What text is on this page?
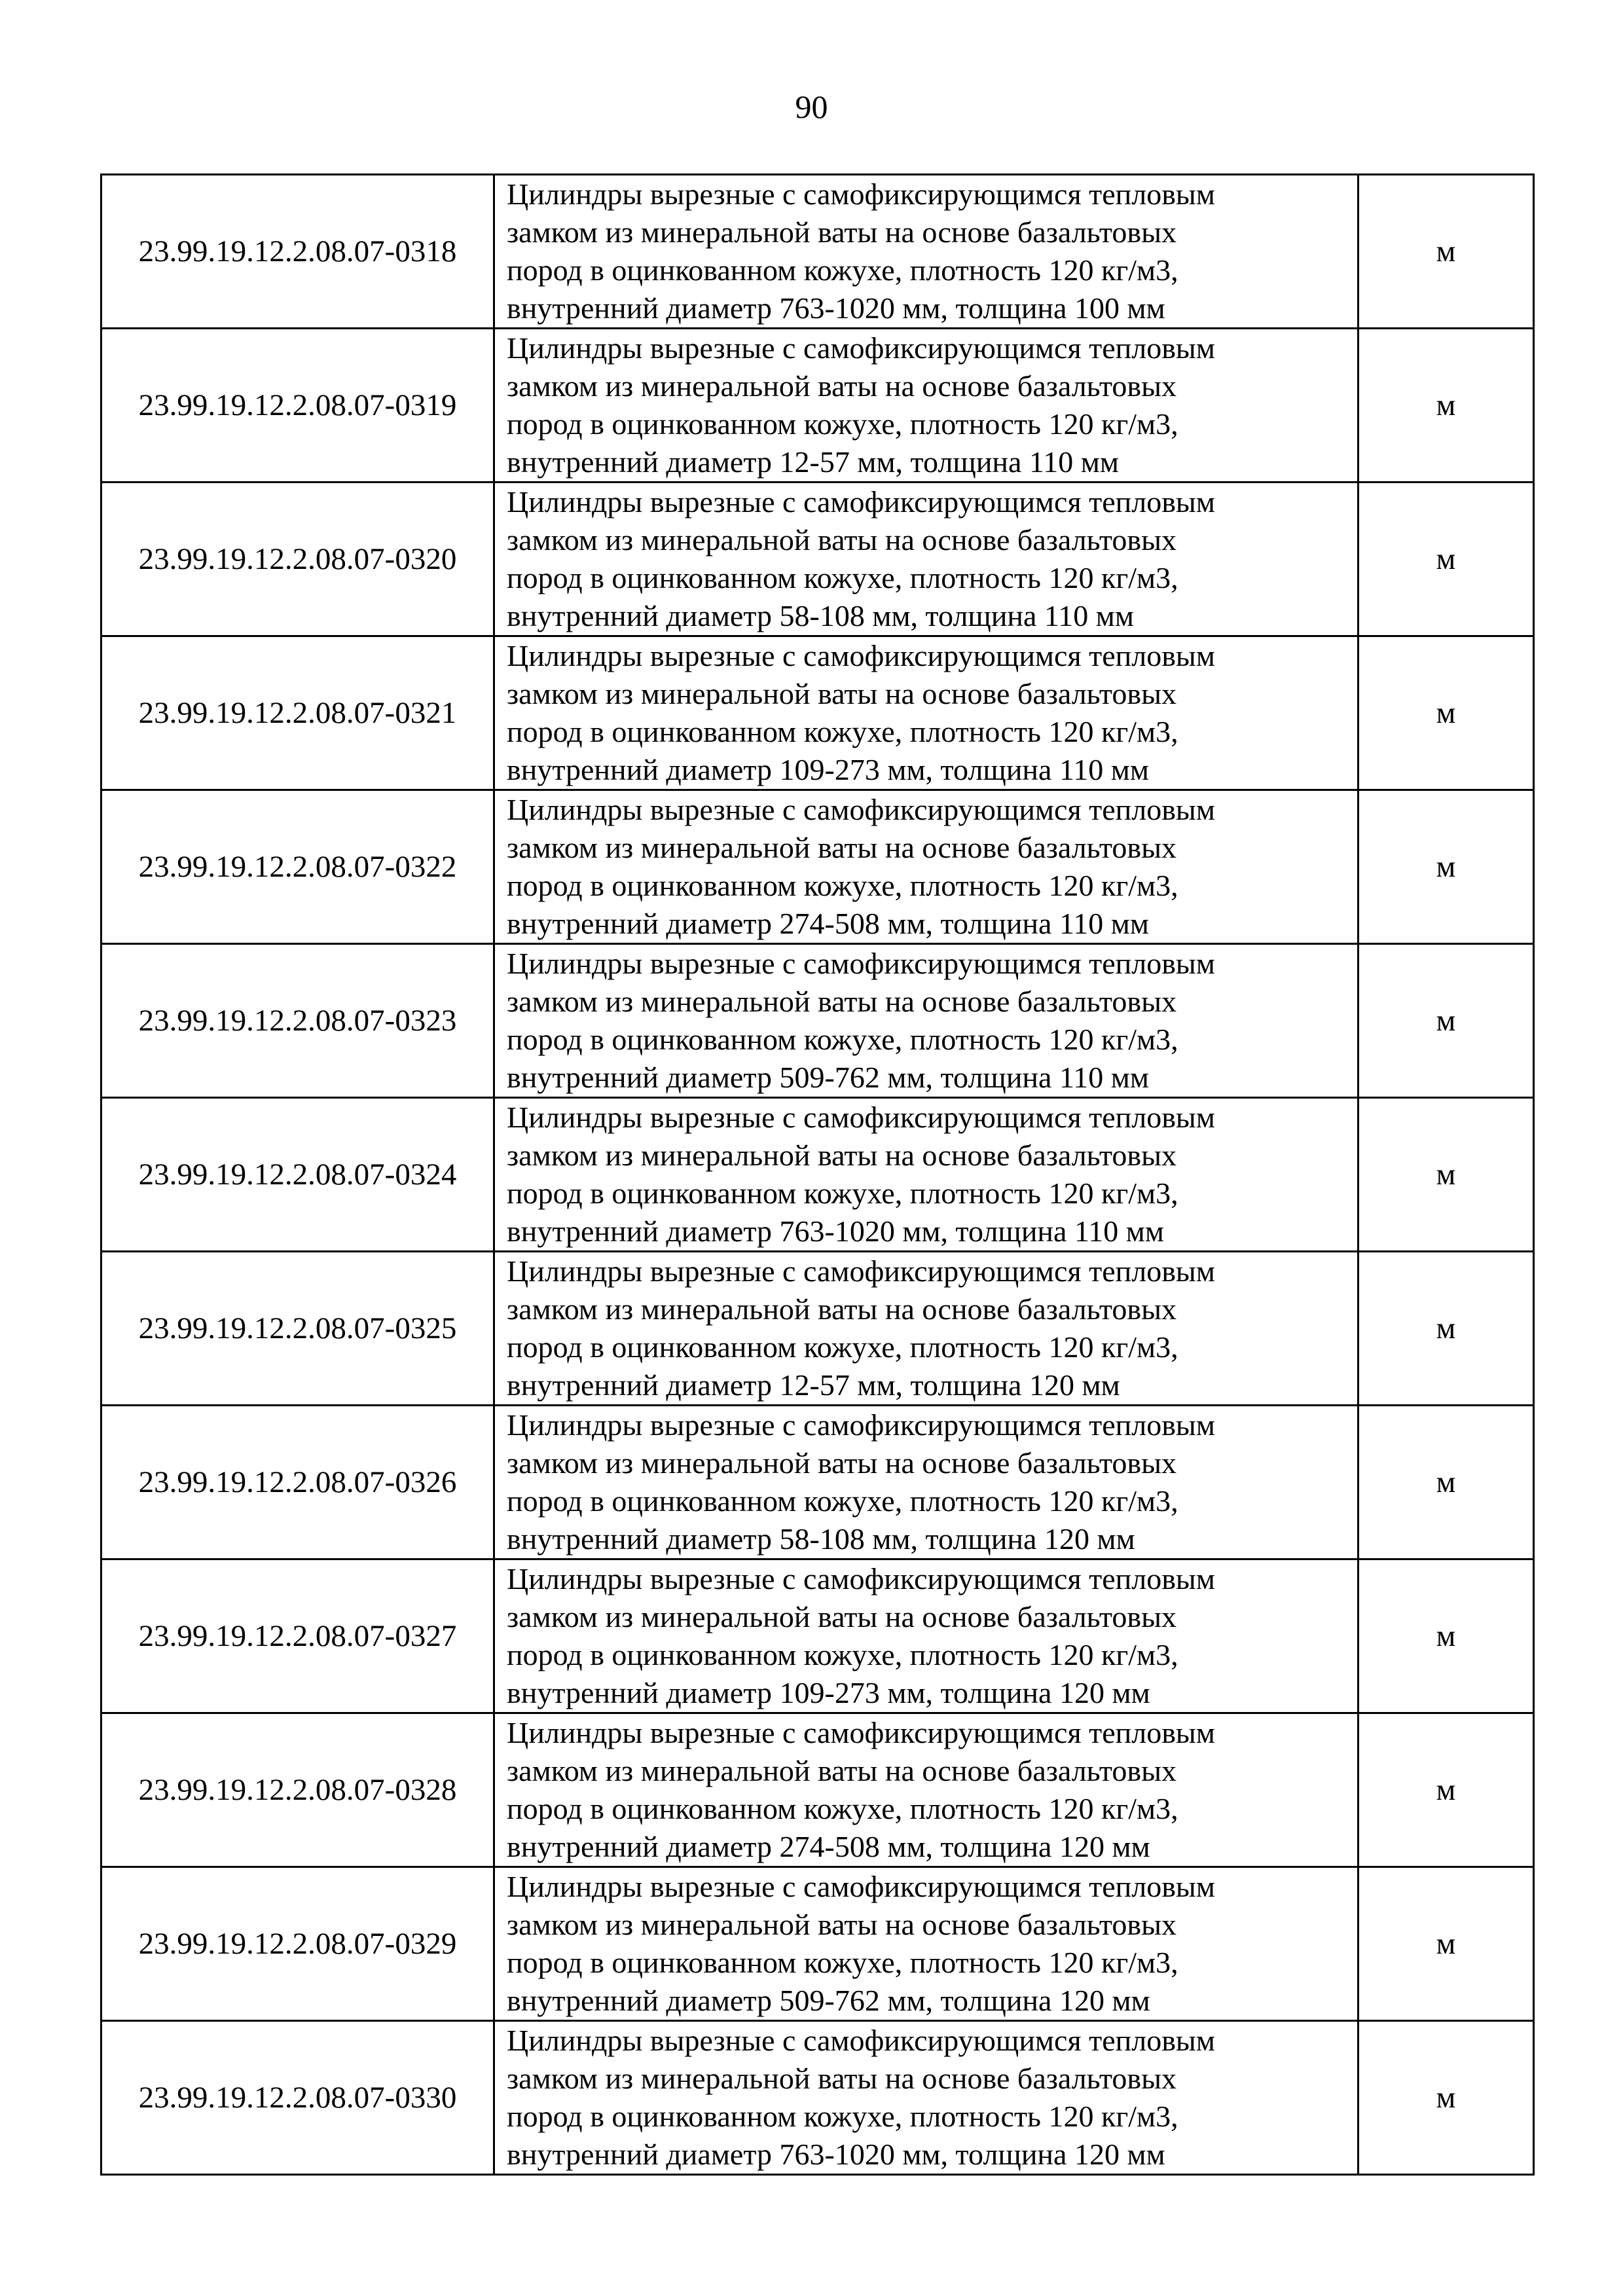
90
23.99.19.12.2.08.07-0318	Цилиндры вырезные с самофиксирующимся тепловым
замком из минеральной ваты на основе базальтовых
пород в оцинкованном кожухе, плотность 120 кг/м3,
внутренний диаметр 763-1020 мм, толщина 100 мм	м
23.99.19.12.2.08.07-0319	Цилиндры вырезные с самофиксирующимся тепловым
замком из минеральной ваты на основе базальтовых
пород в оцинкованном кожухе, плотность 120 кг/м3,
внутренний диаметр 12-57 мм, толщина 110 мм	м
23.99.19.12.2.08.07-0320	Цилиндры вырезные с самофиксирующимся тепловым
замком из минеральной ваты на основе базальтовых
пород в оцинкованном кожухе, плотность 120 кг/м3,
внутренний диаметр 58-108 мм, толщина 110 мм	м
23.99.19.12.2.08.07-0321	Цилиндры вырезные с самофиксирующимся тепловым
замком из минеральной ваты на основе базальтовых
пород в оцинкованном кожухе, плотность 120 кг/м3,
внутренний диаметр 109-273 мм, толщина 110 мм	м
23.99.19.12.2.08.07-0322	Цилиндры вырезные с самофиксирующимся тепловым
замком из минеральной ваты на основе базальтовых
пород в оцинкованном кожухе, плотность 120 кг/м3,
внутренний диаметр 274-508 мм, толщина 110 мм	м
23.99.19.12.2.08.07-0323	Цилиндры вырезные с самофиксирующимся тепловым
замком из минеральной ваты на основе базальтовых
пород в оцинкованном кожухе, плотность 120 кг/м3,
внутренний диаметр 509-762 мм, толщина 110 мм	м
23.99.19.12.2.08.07-0324	Цилиндры вырезные с самофиксирующимся тепловым
замком из минеральной ваты на основе базальтовых
пород в оцинкованном кожухе, плотность 120 кг/м3,
внутренний диаметр 763-1020 мм, толщина 110 мм	м
23.99.19.12.2.08.07-0325	Цилиндры вырезные с самофиксирующимся тепловым
замком из минеральной ваты на основе базальтовых
пород в оцинкованном кожухе, плотность 120 кг/м3,
внутренний диаметр 12-57 мм, толщина 120 мм	м
23.99.19.12.2.08.07-0326	Цилиндры вырезные с самофиксирующимся тепловым
замком из минеральной ваты на основе базальтовых
пород в оцинкованном кожухе, плотность 120 кг/м3,
внутренний диаметр 58-108 мм, толщина 120 мм	м
23.99.19.12.2.08.07-0327	Цилиндры вырезные с самофиксирующимся тепловым
замком из минеральной ваты на основе базальтовых
пород в оцинкованном кожухе, плотность 120 кг/м3,
внутренний диаметр 109-273 мм, толщина 120 мм	м
23.99.19.12.2.08.07-0328	Цилиндры вырезные с самофиксирующимся тепловым
замком из минеральной ваты на основе базальтовых
пород в оцинкованном кожухе, плотность 120 кг/м3,
внутренний диаметр 274-508 мм, толщина 120 мм	м
23.99.19.12.2.08.07-0329	Цилиндры вырезные с самофиксирующимся тепловым
замком из минеральной ваты на основе базальтовых
пород в оцинкованном кожухе, плотность 120 кг/м3,
внутренний диаметр 509-762 мм, толщина 120 мм	м
23.99.19.12.2.08.07-0330	Цилиндры вырезные с самофиксирующимся тепловым
замком из минеральной ваты на основе базальтовых
пород в оцинкованном кожухе, плотность 120 кг/м3,
внутренний диаметр 763-1020 мм, толщина 120 мм	м
